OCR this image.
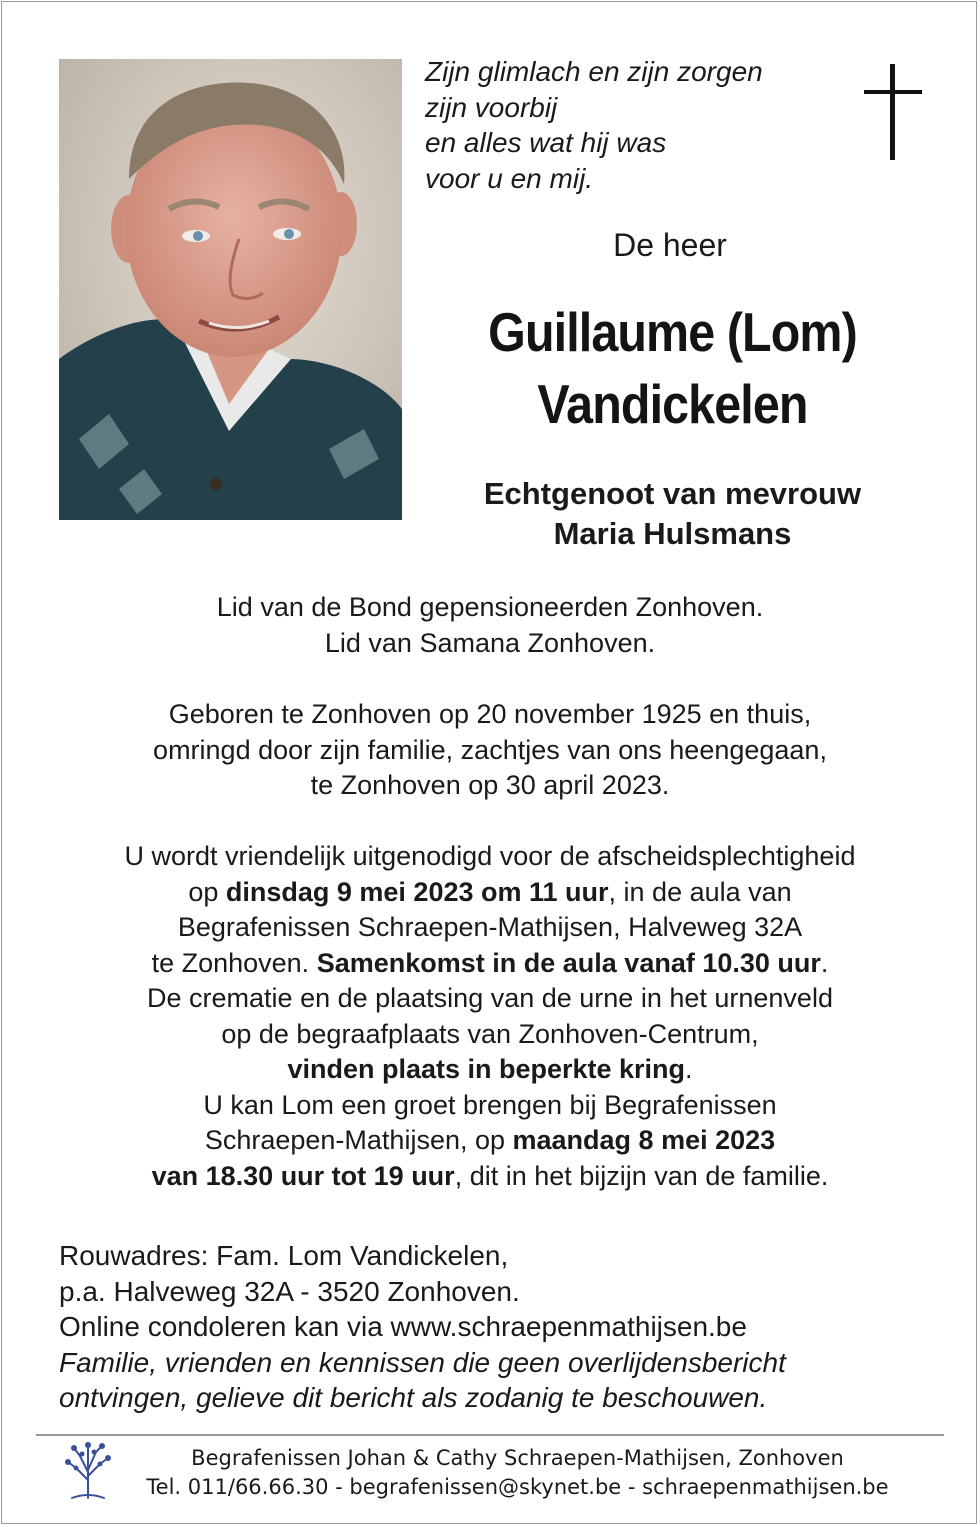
Zijn glimlach en zijn zorgen
zijn voorbij
en alles wat hij was
voor u en mij.
De heer
Guillaume (Lom)
Vandickelen
Echtgenoot van mevrouw
Maria Hulsmans
Lid van de Bond gepensioneerden Zonhoven.
Lid van Samana Zonhoven.
Geboren te Zonhoven op 20 november 1925 en thuis,
omringd door zijn familie, zachtjes van ons heengegaan,
te Zonhoven op 30 april 2023.
U wordt vriendelijk uitgenodigd voor de afscheidsplechtigheid
op dinsdag 9 mei 2023 om 11 uur, in de aula van
Begrafenissen Schraepen-Mathijsen, Halveweg 32A
te Zonhoven. Samenkomst in de aula vanaf 10.30 uur.
De crematie en de plaatsing van de urne in het urnenveld
op de begraafplaats van Zonhoven-Centrum,
vinden plaats in beperkte kring.
U kan Lom een groet brengen bij Begrafenissen
Schraepen-Mathijsen, op maandag 8 mei 2023
van 18.30 uur tot 19 uur, dit in het bijzijn van de familie.
Rouwadres: Fam. Lom Vandickelen,
p.a. Halveweg 32A - 3520 Zonhoven.
Online condoleren kan via www.schraepenmathijsen.be
Familie, vrienden en kennissen die geen overlijdensbericht
ontvingen, gelieve dit bericht als zodanig te beschouwen.
Begrafenissen Johan & Cathy Schraepen-Mathijsen, Zonhoven
Tel. 011/66.66.30 - begrafenissen@skynet.be - schraepenmathijsen.be
